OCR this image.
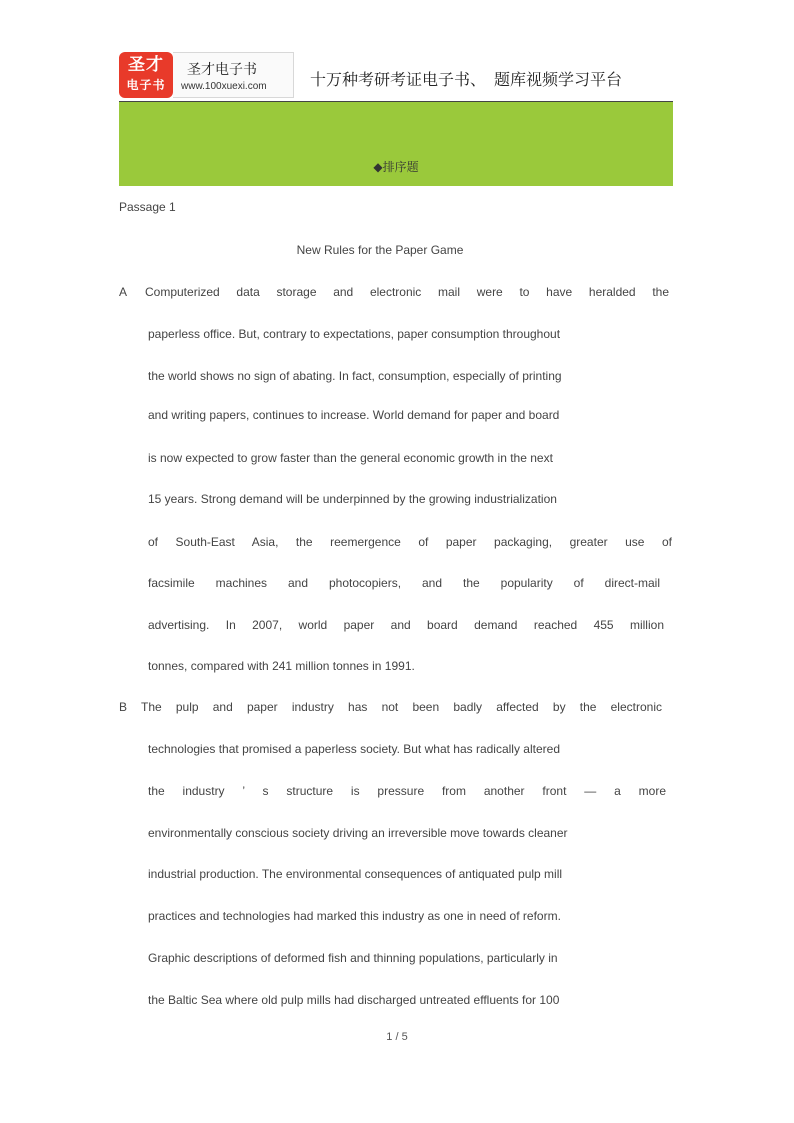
圣才
电子书
圣才电子书
www.100xuexi.com	十万种考研考证电子书、　题库视频学习平台
◆排序题
Passage 1
New Rules for the Paper Game
A Computerized data storage and electronic mail were to have heralded the
paperless office. But, contrary to expectations, paper consumption throughout
the world shows no sign of abating. In fact, consumption, especially of printing
and writing papers, continues to increase. World demand for paper and board
is now expected to grow faster than the general economic growth in the next
15 years. Strong demand will be underpinned by the growing industrialization
of South-East Asia, the reemergence of paper packaging, greater use of
facsimile machines and photocopiers, and the popularity of direct-mail
advertising. In 2007, world paper and board demand reached 455 million
tonnes, compared with 241 million tonnes in 1991.
B The pulp and paper industry has not been badly affected by the electronic
technologies that promised a paperless society. But what has radically altered
the industry ’ s structure is pressure from another front — a more
environmentally conscious society driving an irreversible move towards cleaner
industrial production. The environmental consequences of antiquated pulp mill
practices and technologies had marked this industry as one in need of reform.
Graphic descriptions of deformed fish and thinning populations, particularly in
the Baltic Sea where old pulp mills had discharged untreated effluents for 100
1 / 5
